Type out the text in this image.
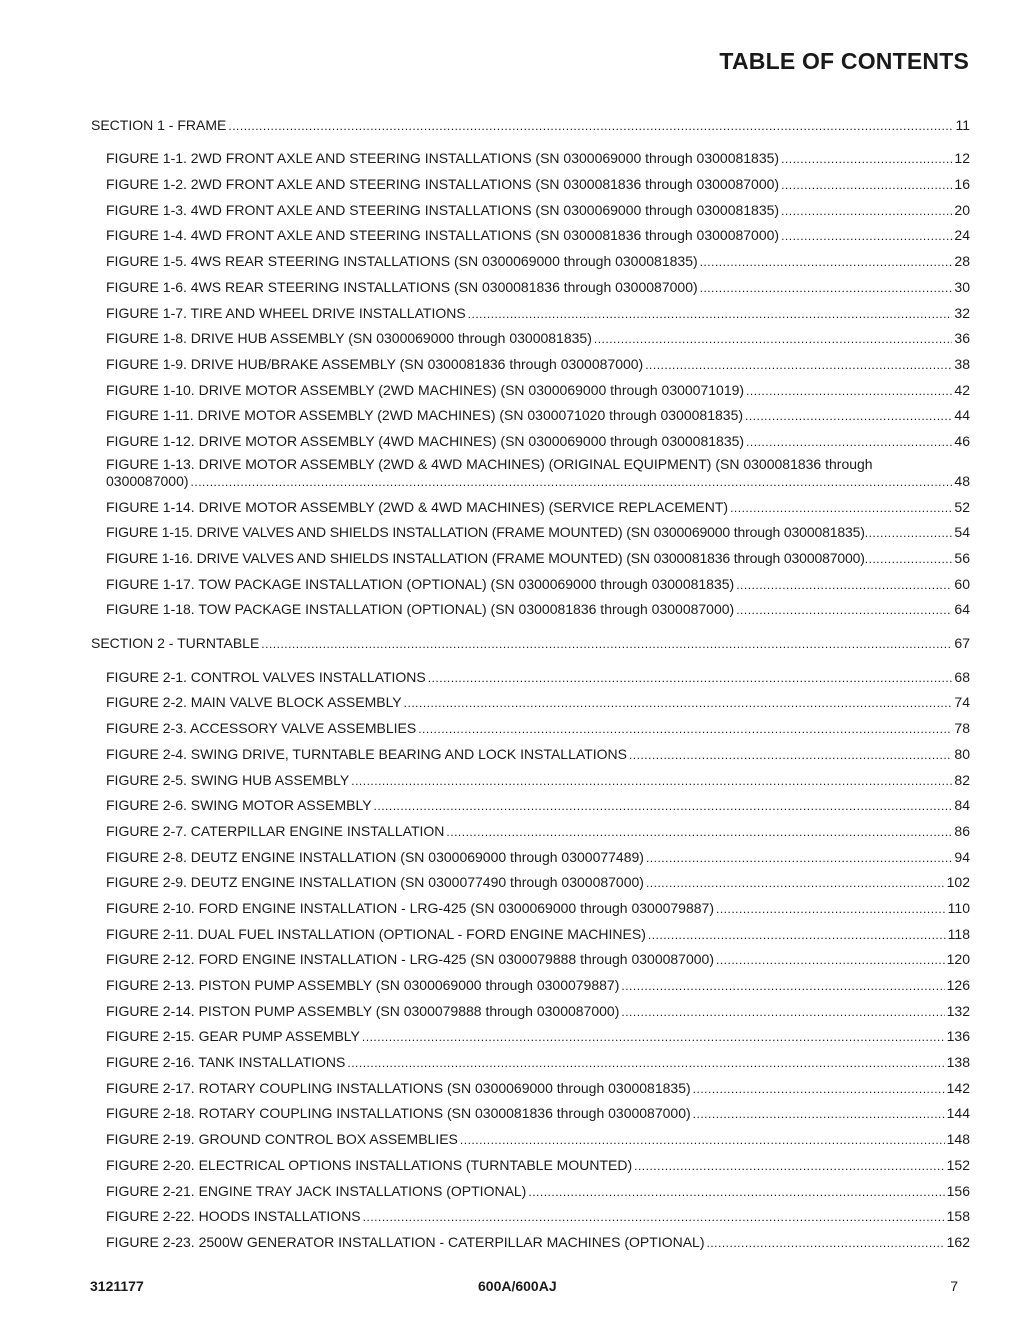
TABLE OF CONTENTS
SECTION 1 - FRAME .....	11
FIGURE 1-1. 2WD FRONT AXLE AND STEERING INSTALLATIONS (SN 0300069000 through 0300081835) .....	12
FIGURE 1-2. 2WD FRONT AXLE AND STEERING INSTALLATIONS (SN 0300081836 through 0300087000) .....	16
FIGURE 1-3. 4WD FRONT AXLE AND STEERING INSTALLATIONS (SN 0300069000 through 0300081835) .....	20
FIGURE 1-4. 4WD FRONT AXLE AND STEERING INSTALLATIONS (SN 0300081836 through 0300087000) .....	24
FIGURE 1-5. 4WS REAR STEERING INSTALLATIONS (SN 0300069000 through 0300081835) .....	28
FIGURE 1-6. 4WS REAR STEERING INSTALLATIONS (SN 0300081836 through 0300087000) .....	30
FIGURE 1-7. TIRE AND WHEEL DRIVE INSTALLATIONS .....	32
FIGURE 1-8. DRIVE HUB ASSEMBLY (SN 0300069000 through 0300081835) .....	36
FIGURE 1-9. DRIVE HUB/BRAKE ASSEMBLY (SN 0300081836 through 0300087000) .....	38
FIGURE 1-10. DRIVE MOTOR ASSEMBLY (2WD MACHINES) (SN 0300069000 through 0300071019) .....	42
FIGURE 1-11. DRIVE MOTOR ASSEMBLY (2WD MACHINES) (SN 0300071020 through 0300081835) .....	44
FIGURE 1-12. DRIVE MOTOR ASSEMBLY (4WD MACHINES) (SN 0300069000 through 0300081835) .....	46
FIGURE 1-13. DRIVE MOTOR ASSEMBLY (2WD & 4WD MACHINES) (ORIGINAL EQUIPMENT) (SN 0300081836 through
0300087000) .....	48
FIGURE 1-14. DRIVE MOTOR ASSEMBLY (2WD & 4WD MACHINES) (SERVICE REPLACEMENT) .....	52
FIGURE 1-15. DRIVE VALVES AND SHIELDS INSTALLATION (FRAME MOUNTED) (SN 0300069000 through 0300081835) .....	54
FIGURE 1-16. DRIVE VALVES AND SHIELDS INSTALLATION (FRAME MOUNTED) (SN 0300081836 through 0300087000) .....	56
FIGURE 1-17. TOW PACKAGE INSTALLATION (OPTIONAL) (SN 0300069000 through 0300081835) .....	60
FIGURE 1-18. TOW PACKAGE INSTALLATION (OPTIONAL) (SN 0300081836 through 0300087000) .....	64
SECTION 2 - TURNTABLE .....	67
FIGURE 2-1. CONTROL VALVES INSTALLATIONS .....	68
FIGURE 2-2. MAIN VALVE BLOCK ASSEMBLY .....	74
FIGURE 2-3. ACCESSORY VALVE ASSEMBLIES .....	78
FIGURE 2-4. SWING DRIVE, TURNTABLE BEARING AND LOCK INSTALLATIONS .....	80
FIGURE 2-5. SWING HUB ASSEMBLY .....	82
FIGURE 2-6. SWING MOTOR ASSEMBLY .....	84
FIGURE 2-7. CATERPILLAR ENGINE INSTALLATION .....	86
FIGURE 2-8. DEUTZ ENGINE INSTALLATION (SN 0300069000 through 0300077489) .....	94
FIGURE 2-9. DEUTZ ENGINE INSTALLATION (SN 0300077490 through 0300087000) .....	102
FIGURE 2-10. FORD ENGINE INSTALLATION - LRG-425 (SN 0300069000 through 0300079887) .....	110
FIGURE 2-11. DUAL FUEL INSTALLATION (OPTIONAL - FORD ENGINE MACHINES) .....	118
FIGURE 2-12. FORD ENGINE INSTALLATION - LRG-425 (SN 0300079888 through 0300087000) .....	120
FIGURE 2-13. PISTON PUMP ASSEMBLY (SN 0300069000 through 0300079887) .....	126
FIGURE 2-14. PISTON PUMP ASSEMBLY (SN 0300079888 through 0300087000) .....	132
FIGURE 2-15. GEAR PUMP ASSEMBLY .....	136
FIGURE 2-16. TANK INSTALLATIONS .....	138
FIGURE 2-17. ROTARY COUPLING INSTALLATIONS (SN 0300069000 through 0300081835) .....	142
FIGURE 2-18. ROTARY COUPLING INSTALLATIONS (SN 0300081836 through 0300087000) .....	144
FIGURE 2-19. GROUND CONTROL BOX ASSEMBLIES .....	148
FIGURE 2-20. ELECTRICAL OPTIONS INSTALLATIONS (TURNTABLE MOUNTED) .....	152
FIGURE 2-21. ENGINE TRAY JACK INSTALLATIONS (OPTIONAL) .....	156
FIGURE 2-22. HOODS INSTALLATIONS .....	158
FIGURE 2-23. 2500W GENERATOR INSTALLATION - CATERPILLAR MACHINES (OPTIONAL) .....	162
3121177	600A/600AJ	7
